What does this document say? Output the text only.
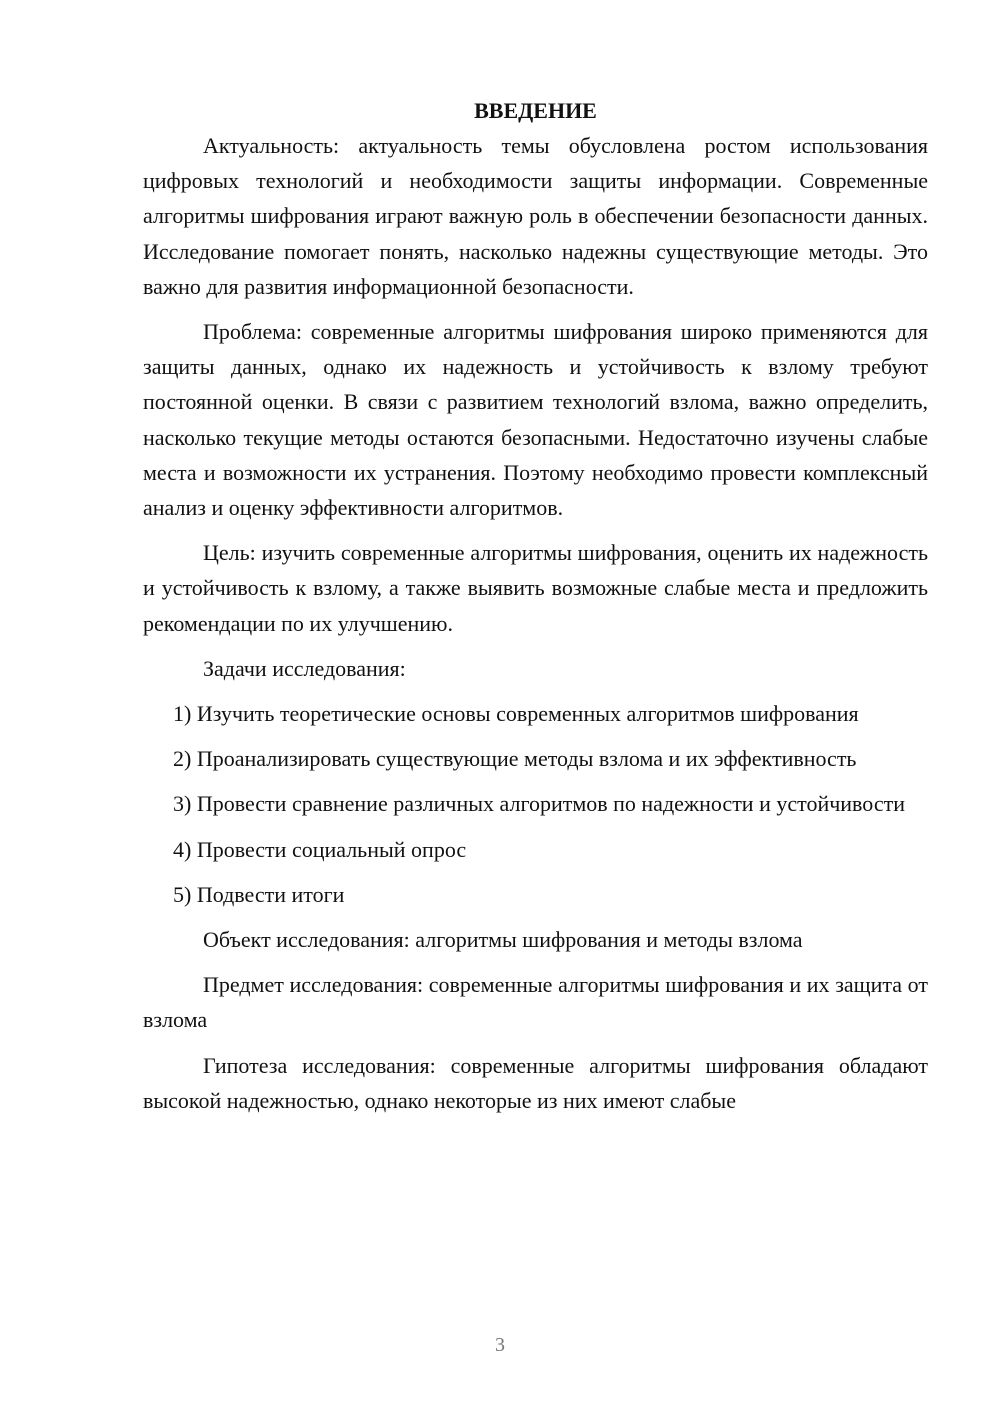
ВВЕДЕНИЕ

Актуальность: актуальность темы обусловлена ростом использования цифровых технологий и необходимости защиты информации. Современные алгоритмы шифрования играют важную роль в обеспечении безопасности данных. Исследование помогает понять, насколько надежны существующие методы. Это важно для развития информационной безопасности.

Проблема: современные алгоритмы шифрования широко применяются для защиты данных, однако их надежность и устойчивость к взлому требуют постоянной оценки. В связи с развитием технологий взлома, важно определить, насколько текущие методы остаются безопасными. Недостаточно изучены слабые места и возможности их устранения. Поэтому необходимо провести комплексный анализ и оценку эффективности алгоритмов.

Цель: изучить современные алгоритмы шифрования, оценить их надежность и устойчивость к взлому, а также выявить возможные слабые места и предложить рекомендации по их улучшению.

Задачи исследования:

1) Изучить теоретические основы современных алгоритмов шифрования

2) Проанализировать существующие методы взлома и их эффективность

3) Провести сравнение различных алгоритмов по надежности и устойчивости

4) Провести социальный опрос

5) Подвести итоги

Объект исследования: алгоритмы шифрования и методы взлома

Предмет исследования: современные алгоритмы шифрования и их защита от взлома

Гипотеза исследования: современные алгоритмы шифрования обладают высокой надежностью, однако некоторые из них имеют слабые

3
